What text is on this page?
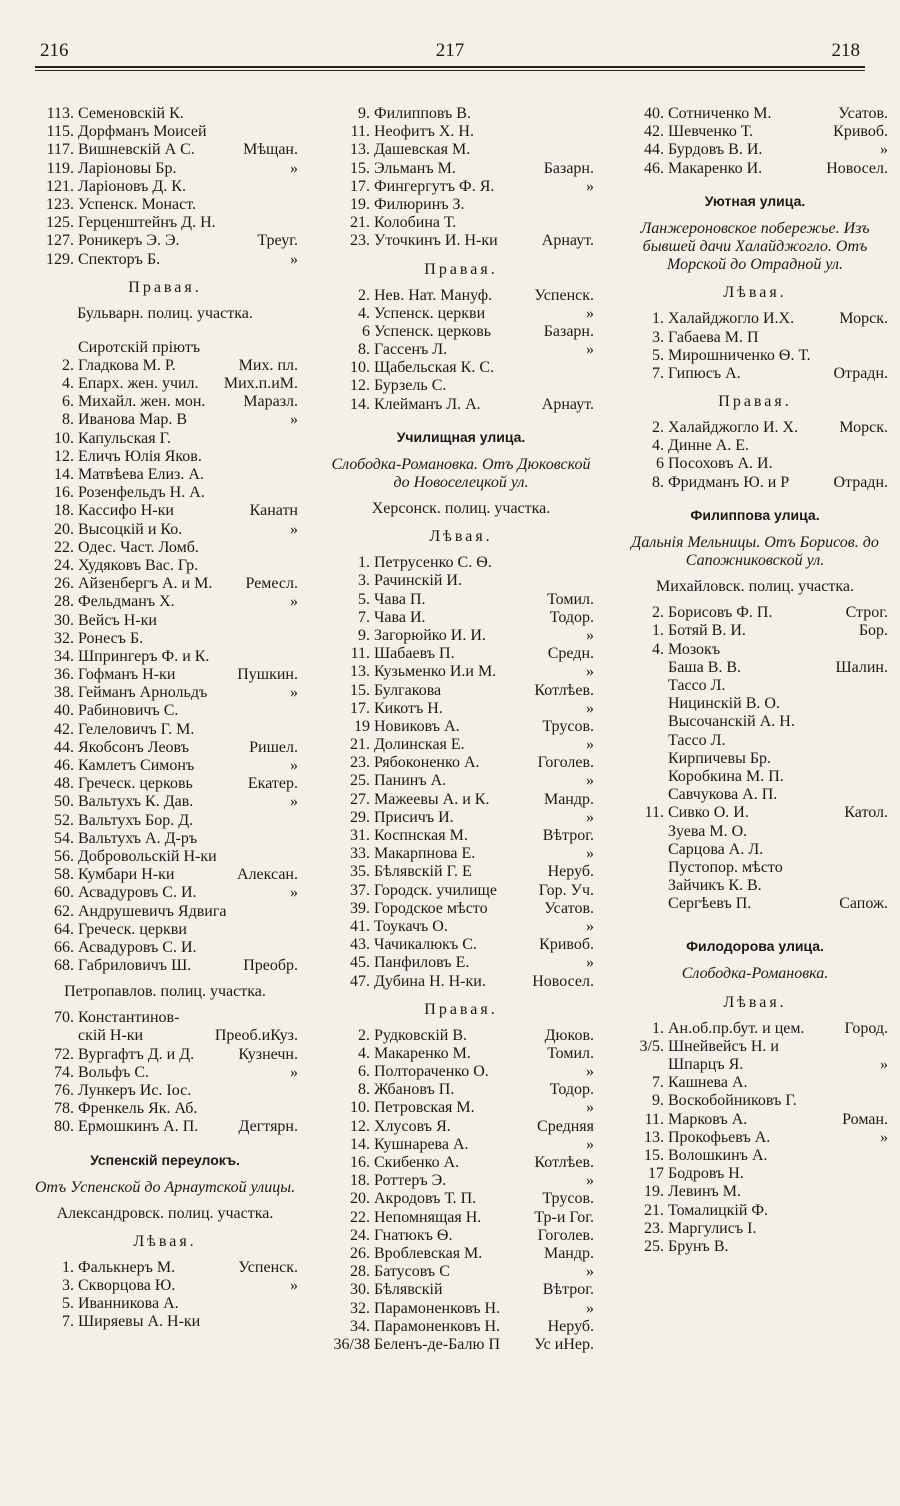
216	217	218
113. Семеновскій К.
115. Дорфманъ Моисей
117. Вишневскій А С.	Мѣщан.
119. Ларіоновы Бр.	»
121. Ларіоновъ Д. К.
123. Успенск. Монаст.
125. Герценштейнъ Д. Н.
127. Роникеръ Э. Э.	Треуг.
129. Спекторъ Б.	»
Правая.
Бульварн. полиц. участка.
Сиротскій пріютъ
2. Гладкова М. Р.	Мих. пл.
4. Епарх. жен. учил.	Мих.п.иМ.
6. Михайл. жен. мон.	Маразл.
8. Иванова Мар. В	»
10. Капульская Г.
12. Еличъ Юлія Яков.
14. Матвѣева Елиз. А.
16. Розенфельдъ Н. А.
18. Кассифо Н-ки	Канатн
20. Высоцкій и Ко.	»
22. Одес. Част. Ломб.
24. Худяковъ Вас. Гр.
26. Айзенбергъ А. и М.	Ремесл.
28. Фельдманъ Х.	»
30. Вейсъ Н-ки
32. Ронесъ Б.
34. Шпрингеръ Ф. и К.
36. Гофманъ Н-ки	Пушкин.
38. Гейманъ Арнольдъ	»
40. Рабиновичъ С.
42. Гелеловичъ Г. М.
44. Якобсонъ Леовъ	Ришел.
46. Камлетъ Симонъ	»
48. Греческ. церковь	Екатер.
50. Вальтухъ К. Дав.	»
52. Вальтухъ Бор. Д.
54. Вальтухъ А. Д-ръ
56. Добровольскій Н-ки
58. Кумбари Н-ки	Алексан.
60. Асвадуровъ С. И.	»
62. Андрушевичъ Ядвига
64. Греческ. церкви
66. Асвадуровъ С. И.
68. Габриловичъ Ш.	Преобр.
Петропавлов. полиц. участка.
70. Константинов-
скій Н-ки	Преоб.иКуз.
72. Вургафтъ Д. и Д.	Кузнечн.
74. Вольфъ С.	»
76. Лункеръ Ис. Іос.
78. Френкель Як. Аб.
80. Ермошкинъ А. П.	Дегтярн.
Успенскій переулокъ.
Отъ Успенской до Арнаутской улицы.
Александровск. полиц. участка.
Лѣвая.
1. Фалькнеръ М.	Успенск.
3. Скворцова Ю.	»
5. Иванникова А.
7. Ширяевы А. Н-ки
9. Филипповъ В.
11. Неофитъ Х. Н.
13. Дашевская М.
15. Эльманъ М.	Базарн.
17. Фингергутъ Ф. Я.	»
19. Филюринъ З.
21. Колобина Т.
23. Уточкинъ И. Н-ки	Арнаут.
Правая.
2. Нев. Нат. Мануф.	Успенск.
4. Успенск. церкви	»
6 Успенск. церковь	Базарн.
8. Гассенъ Л.	»
10. Щабельская К. С.
12. Бурзель С.
14. Клейманъ Л. А.	Арнаут.
Училищная улица.
Слободка-Романовка. Отъ Дюковской до Новоселецкой ул.
Херсонск. полиц. участка.
Лѣвая.
1. Петрусенко С. Ѳ.
3. Рачинскій И.
5. Чава П.	Томил.
7. Чава И.	Тодор.
9. Загорюйко И. И.	»
11. Шабаевъ П.	Средн.
13. Кузьменко И.и М.	»
15. Булгакова	Котлѣев.
17. Кикотъ Н.	»
19 Новиковъ А.	Трусов.
21. Долинская Е.	»
23. Рябоконенко А.	Гоголев.
25. Панинъ А.	»
27. Мажеевы А. и К.	Мандр.
29. Присичъ И.	»
31. Коспнская М.	Вѣтрог.
33. Макарпнова Е.	»
35. Бѣлявскій Г. Е	Неруб.
37. Городск. училище	Гор. Уч.
39. Городское мѣсто	Усатов.
41. Тоукачъ О.	»
43. Чачикалюкъ С.	Кривоб.
45. Панфиловъ Е.	»
47. Дубина Н. Н-ки.	Новосел.
Правая.
2. Рудковскій В.	Дюков.
4. Макаренко М.	Томил.
6. Полтораченко О.	»
8. Жбановъ П.	Тодор.
10. Петровская М.	»
12. Хлусовъ Я.	Средняя
14. Кушнарева А.	»
16. Скибенко А.	Котлѣев.
18. Роттеръ Э.	»
20. Акродовъ Т. П.	Трусов.
22. Непомнящая Н.	Тр-и Гог.
24. Гнатюкъ Ѳ.	Гоголев.
26. Вроблевская М.	Мандр.
28. Батусовъ С	»
30. Бѣлявскій	Вѣтрог.
32. Парамоненковъ Н.	»
34. Парамоненковъ Н.	Неруб.
36/38 Беленъ-де-Балю П	Ус иНер.
40. Сотниченко М.	Усатов.
42. Шевченко Т.	Кривоб.
44. Бурдовъ В. И.	»
46. Макаренко И.	Новосел.
Уютная улица.
Ланжероновское побережье. Изъ бывшей дачи Халайджогло. Отъ Морской до Отрадной ул.
Лѣвая.
1. Халайджогло И.Х.	Морск.
3. Габаева М. П
5. Мирошниченко Ѳ. Т.
7. Гипюсъ А.	Отрадн.
Правая.
2. Халайджогло И. Х.	Морск.
4. Динне А. Е.
6 Посоховъ А. И.
8. Фридманъ Ю. и Р	Отрадн.
Филиппова улица.
Дальнія Мельницы. Отъ Борисов. до Сапожниковской ул.
Михайловск. полиц. участка.
2. Борисовъ Ф. П.	Строг.
1. Ботяй В. И.	Бор.
4. Мозокъ
Баша В. В.	Шалин.
Тассо Л.
Ницинскій В. О.
Высочанскій А. Н.
Тассо Л.
Кирпичевы Бр.
Коробкина М. П.
Савчукова А. П.
11. Сивко О. И.	Катол.
Зуева М. О.
Сарцова А. Л.
Пустопор. мѣсто
Зайчикъ К. В.
Сергѣевъ П.	Сапож.
Филодорова улица.
Слободка-Романовка.
Лѣвая.
1. Ан.об.пр.бут. и цем.	Город.
3/5. Шнейвейсъ Н. и
Шпарцъ Я.	»
7. Кашнева А.
9. Воскобойниковъ Г.
11. Марковъ А.	Роман.
13. Прокофьевъ А.	»
15. Волошкинъ А.
17 Бодровъ Н.
19. Левинъ М.
21. Томалицкій Ф.
23. Маргулисъ І.
25. Брунъ В.
